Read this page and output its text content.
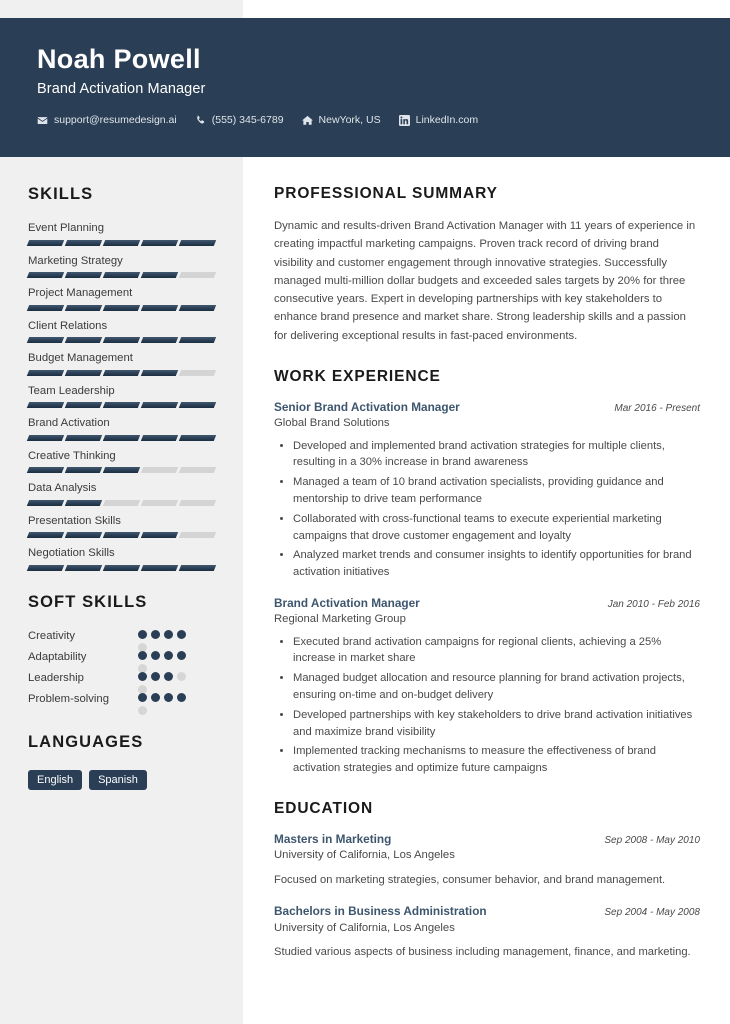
Noah Powell
Brand Activation Manager
support@resumedesign.ai	(555) 345-6789	NewYork, US	LinkedIn.com
SKILLS
Event Planning
Marketing Strategy
Project Management
Client Relations
Budget Management
Team Leadership
Brand Activation
Creative Thinking
Data Analysis
Presentation Skills
Negotiation Skills
SOFT SKILLS
Creativity
Adaptability
Leadership
Problem-solving
LANGUAGES
English	Spanish
PROFESSIONAL SUMMARY
Dynamic and results-driven Brand Activation Manager with 11 years of experience in creating impactful marketing campaigns. Proven track record of driving brand visibility and customer engagement through innovative strategies. Successfully managed multi-million dollar budgets and exceeded sales targets by 20% for three consecutive years. Expert in developing partnerships with key stakeholders to enhance brand presence and market share. Strong leadership skills and a passion for delivering exceptional results in fast-paced environments.
WORK EXPERIENCE
Senior Brand Activation Manager	Mar 2016 - Present
Global Brand Solutions
• Developed and implemented brand activation strategies for multiple clients, resulting in a 30% increase in brand awareness
• Managed a team of 10 brand activation specialists, providing guidance and mentorship to drive team performance
• Collaborated with cross-functional teams to execute experiential marketing campaigns that drove customer engagement and loyalty
• Analyzed market trends and consumer insights to identify opportunities for brand activation initiatives
Brand Activation Manager	Jan 2010 - Feb 2016
Regional Marketing Group
• Executed brand activation campaigns for regional clients, achieving a 25% increase in market share
• Managed budget allocation and resource planning for brand activation projects, ensuring on-time and on-budget delivery
• Developed partnerships with key stakeholders to drive brand activation initiatives and maximize brand visibility
• Implemented tracking mechanisms to measure the effectiveness of brand activation strategies and optimize future campaigns
EDUCATION
Masters in Marketing	Sep 2008 - May 2010
University of California, Los Angeles
Focused on marketing strategies, consumer behavior, and brand management.
Bachelors in Business Administration	Sep 2004 - May 2008
University of California, Los Angeles
Studied various aspects of business including management, finance, and marketing.
